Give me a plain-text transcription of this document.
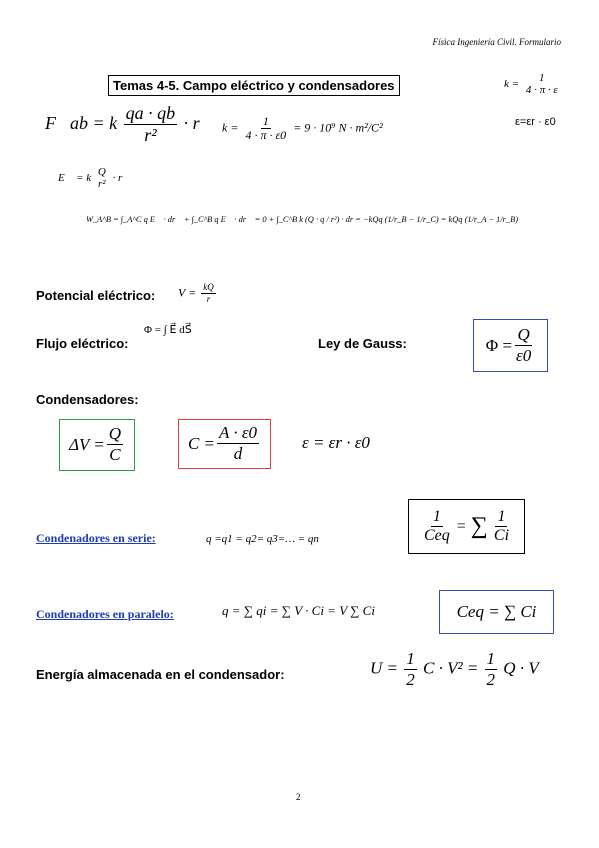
Física Ingeniería Civil. Formulario
Temas 4-5. Campo eléctrico y condensadores	k = 1
4 · π · ε
ε=εr · ε0
F⃗ab = k $\frac{qa \cdot qb}{\text{r²}}$ · r⃗ $k = \frac{1}{4 \cdot \pi \cdot \varepsilon 0} = 9 \cdot 10^9$ N · m²/C²
E⃗ = k Q
r²
· r⃗
W_A^B = ∫_A^C q E⃗ · dr⃗ + ∫_C^B q E⃗ · dr⃗ = 0 + ∫_C^B k (Q · q / r²) · dr = −kQq (1/r_B − 1/r_C) = kQq (1/r_A − 1/r_B)
Potencial eléctrico: $V = \frac{kQ}{r}$
Flujo eléctrico:
Φ = ∫ E⃗ dS⃗
Ley de Gauss:	$\Phi = \frac{Q}{\varepsilon 0}$
Condensadores:
$\Delta V = \frac{Q}{C}$	$C = \frac{A \cdot \varepsilon 0}{d}$	ε = εr · ε0
Condenadores en serie:	q =q1 = q2= q3=… = qn	$\frac{1}{\text{Ceq}}$ = ∑ $\frac{1}{Ci}$
Condenadores en paralelo:	q = ∑ qi = ∑ V · Ci = V ∑ Ci	Ceq = ∑ Ci
Energía almacenada en el condensador:	$U = \frac{1}{2}$ $C \cdot V^2 = \frac{1}{2}$ Q · V
2
